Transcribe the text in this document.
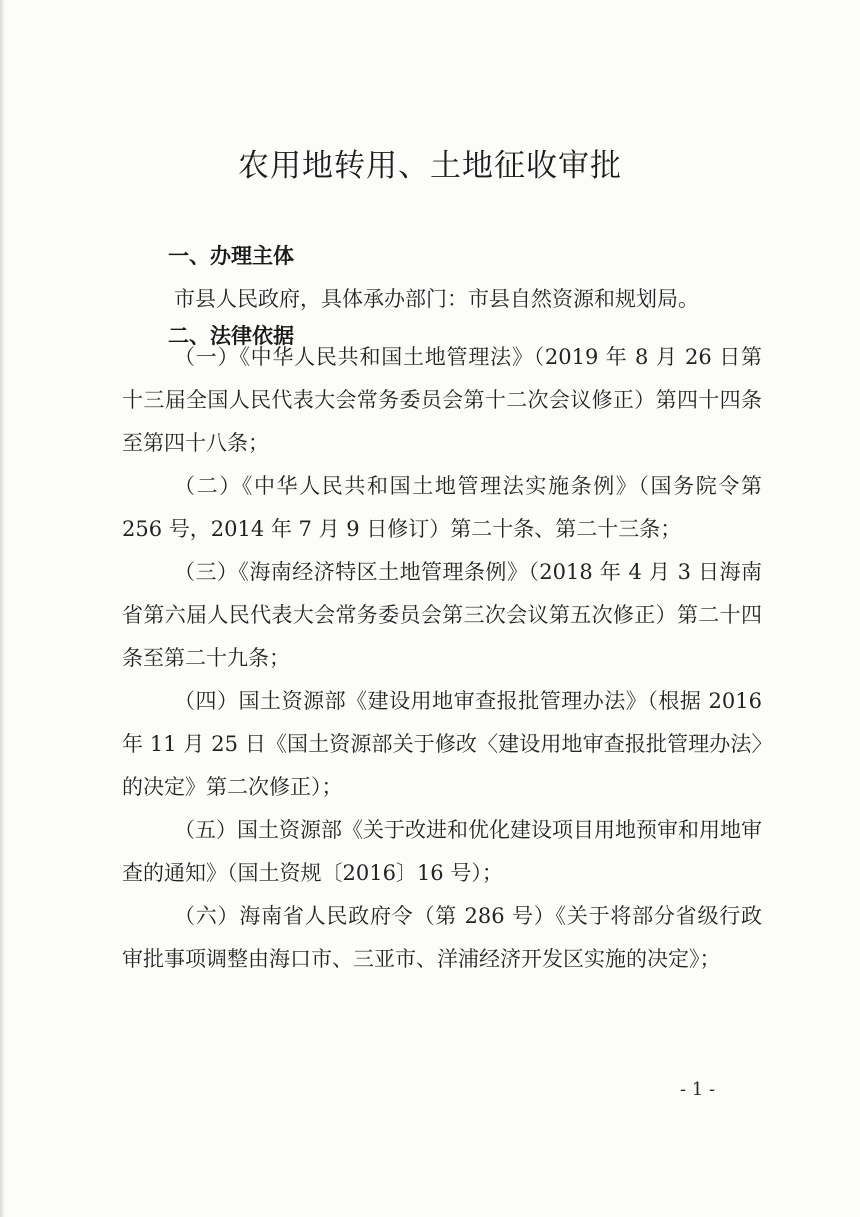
农用地转用、土地征收审批
一、办理主体

市县人民政府，具体承办部门：市县自然资源和规划局。

二、法律依据

（一）《中华人民共和国土地管理法》（2019 年 8 月 26 日第十三届全国人民代表大会常务委员会第十二次会议修正）第四十四条至第四十八条；

（二）《中华人民共和国土地管理法实施条例》（国务院令第 256 号，2014 年 7 月 9 日修订）第二十条、第二十三条；

（三）《海南经济特区土地管理条例》（2018 年 4 月 3 日海南省第六届人民代表大会常务委员会第三次会议第五次修正）第二十四条至第二十九条；

（四）国土资源部《建设用地审查报批管理办法》（根据 2016 年 11 月 25 日《国土资源部关于修改〈建设用地审查报批管理办法〉的决定》第二次修正）；

（五）国土资源部《关于改进和优化建设项目用地预审和用地审查的通知》（国土资规〔2016〕16 号）；

（六）海南省人民政府令（第 286 号）《关于将部分省级行政审批事项调整由海口市、三亚市、洋浦经济开发区实施的决定》；

- 1 -
